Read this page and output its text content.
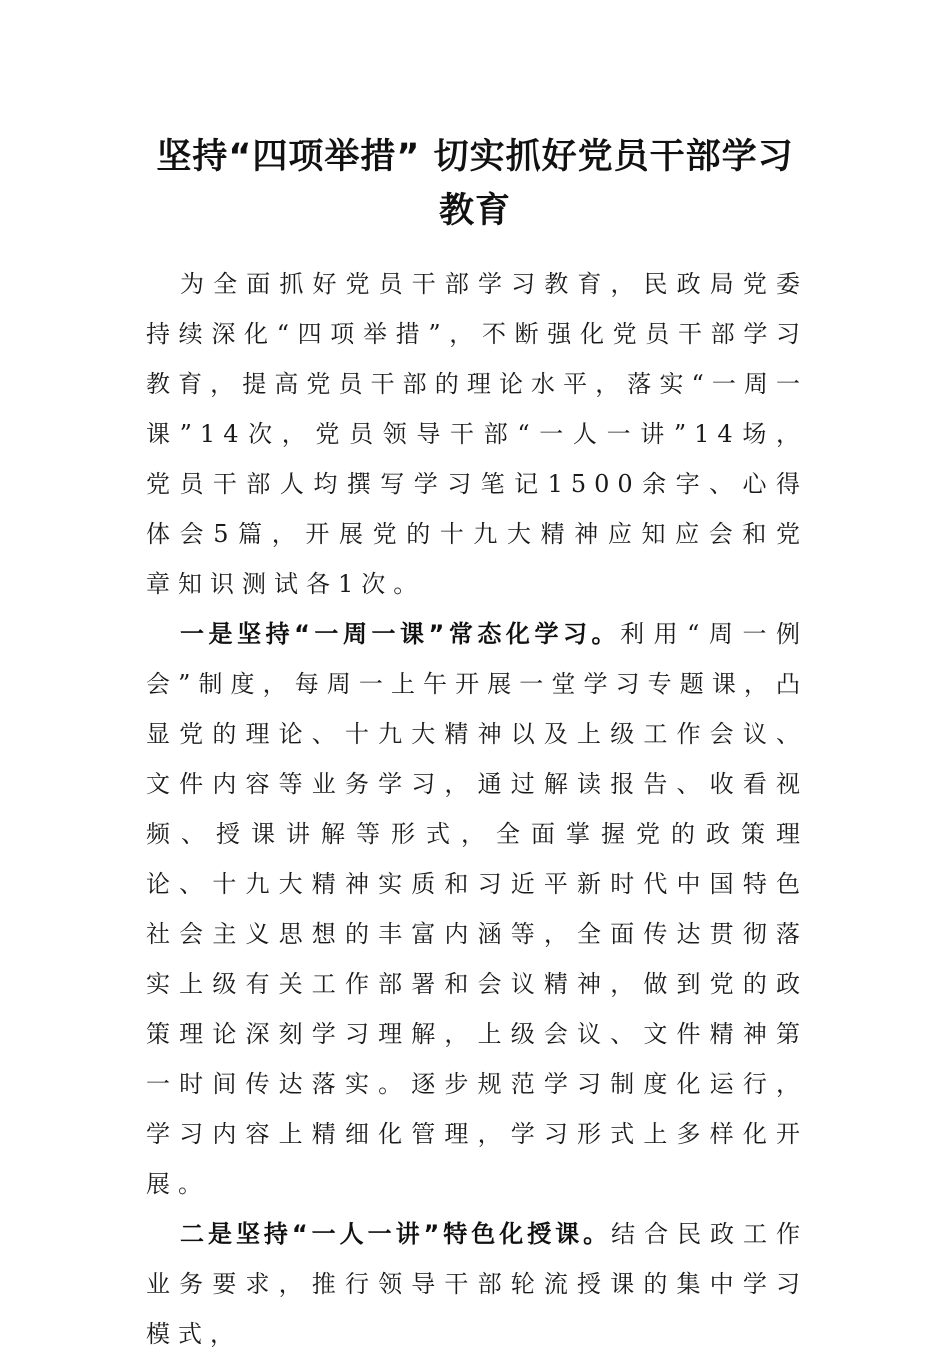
坚持“四项举措” 切实抓好党员干部学习教育

为全面抓好党员干部学习教育，民政局党委持续深化“四项举措”，不断强化党员干部学习教育，提高党员干部的理论水平，落实“一周一课”14次，党员领导干部“一人一讲”14场，党员干部人均撰写学习笔记1500余字、心得体会5篇，开展党的十九大精神应知应会和党章知识测试各1次。

一是坚持“一周一课”常态化学习。利用“周一例会”制度，每周一上午开展一堂学习专题课，凸显党的理论、十九大精神以及上级工作会议、文件内容等业务学习，通过解读报告、收看视频、授课讲解等形式，全面掌握党的政策理论、十九大精神实质和习近平新时代中国特色社会主义思想的丰富内涵等，全面传达贯彻落实上级有关工作部署和会议精神，做到党的政策理论深刻学习理解，上级会议、文件精神第一时间传达落实。逐步规范学习制度化运行，学习内容上精细化管理，学习形式上多样化开展。

二是坚持“一人一讲”特色化授课。结合民政工作业务要求，推行领导干部轮流授课的集中学习模式，
